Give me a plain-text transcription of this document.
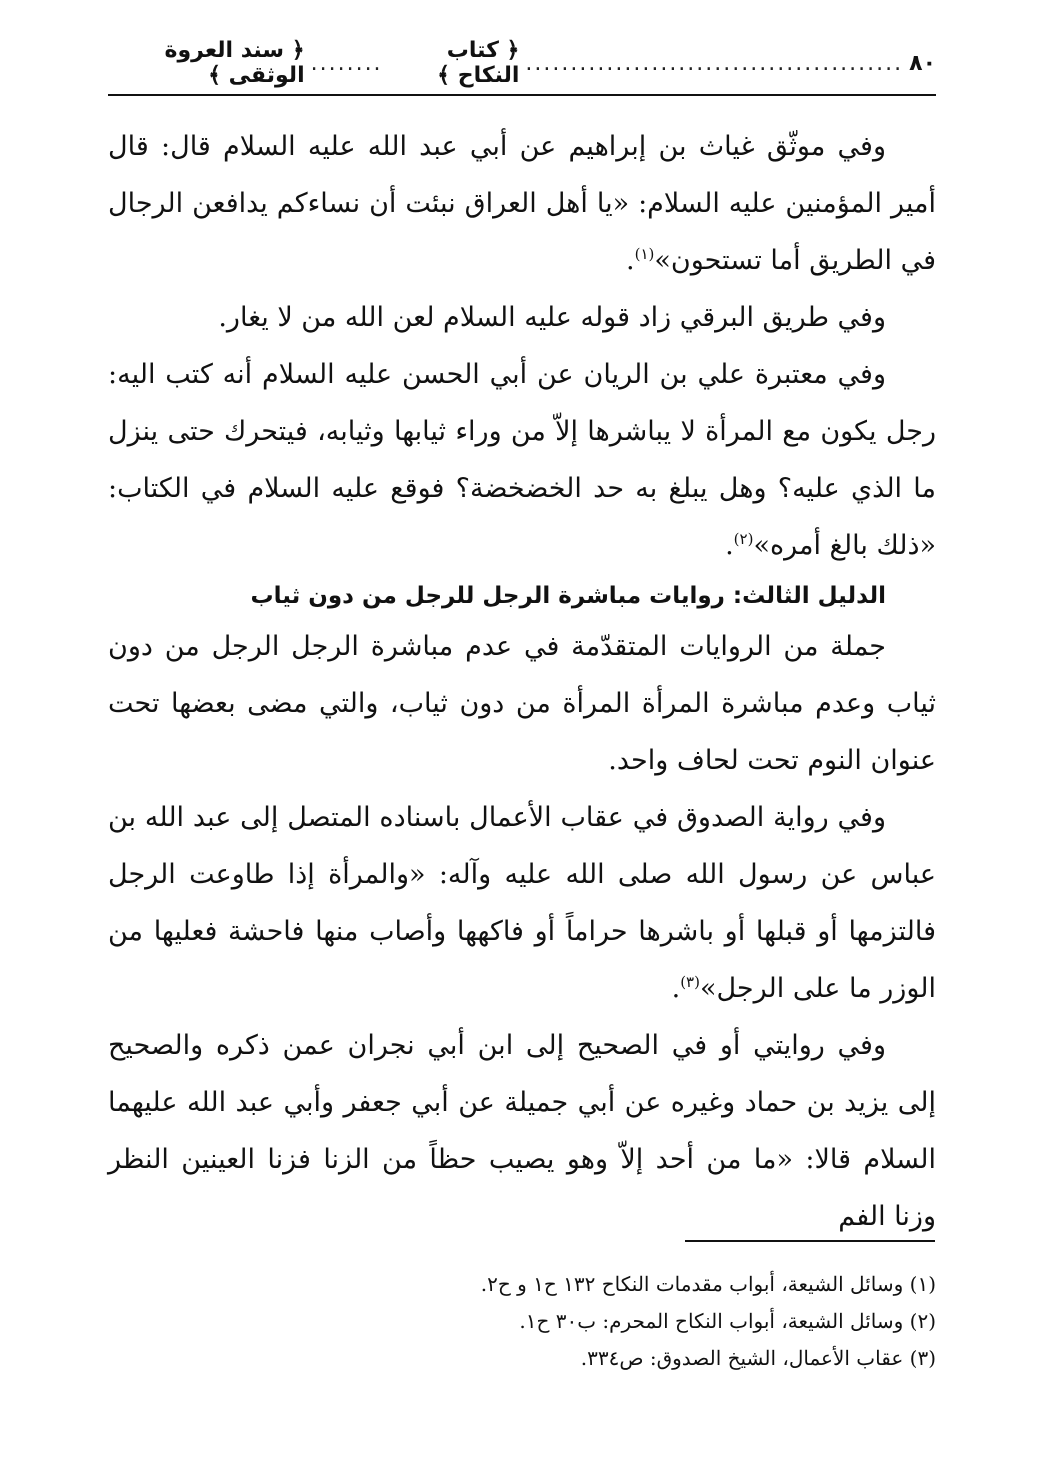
٨٠
..........................................
﴿ كتاب النكاح ﴾
........
﴿ سند العروة الوثقى ﴾

وفي موثّق غياث بن إبراهيم عن أبي عبد الله عليه السلام قال: قال أمير المؤمنين عليه السلام: «يا أهل العراق نبئت أن نساءكم يدافعن الرجال في الطريق أما تستحون»$^{(١)}$.

وفي طريق البرقي زاد قوله عليه السلام لعن الله من لا يغار.

وفي معتبرة علي بن الريان عن أبي الحسن عليه السلام أنه كتب اليه: رجل يكون مع المرأة لا يباشرها إلاّ من وراء ثيابها وثيابه، فيتحرك حتى ينزل ما الذي عليه؟ وهل يبلغ به حد الخضخضة؟ فوقع عليه السلام في الكتاب: «ذلك بالغ أمره»$^{(٢)}$.

الدليل الثالث: روايات مباشرة الرجل للرجل من دون ثياب

جملة من الروايات المتقدّمة في عدم مباشرة الرجل الرجل من دون ثياب وعدم مباشرة المرأة المرأة من دون ثياب، والتي مضى بعضها تحت عنوان النوم تحت لحاف واحد.

وفي رواية الصدوق في عقاب الأعمال باسناده المتصل إلى عبد الله بن عباس عن رسول الله صلى الله عليه وآله: «والمرأة إذا طاوعت الرجل فالتزمها أو قبلها أو باشرها حراماً أو فاكهها وأصاب منها فاحشة فعليها من الوزر ما على الرجل»$^{(٣)}$.

وفي روايتي أو في الصحيح إلى ابن أبي نجران عمن ذكره والصحيح إلى يزيد بن حماد وغيره عن أبي جميلة عن أبي جعفر وأبي عبد الله عليهما السلام قالا: «ما من أحد إلاّ وهو يصيب حظاً من الزنا فزنا العينين النظر وزنا الفم

(١) وسائل الشيعة، أبواب مقدمات النكاح ١٣٢ ح١ و ح٢.

(٢) وسائل الشيعة، أبواب النكاح المحرم: ب٣٠ ح١.

(٣) عقاب الأعمال، الشيخ الصدوق: ص٣٣٤.
